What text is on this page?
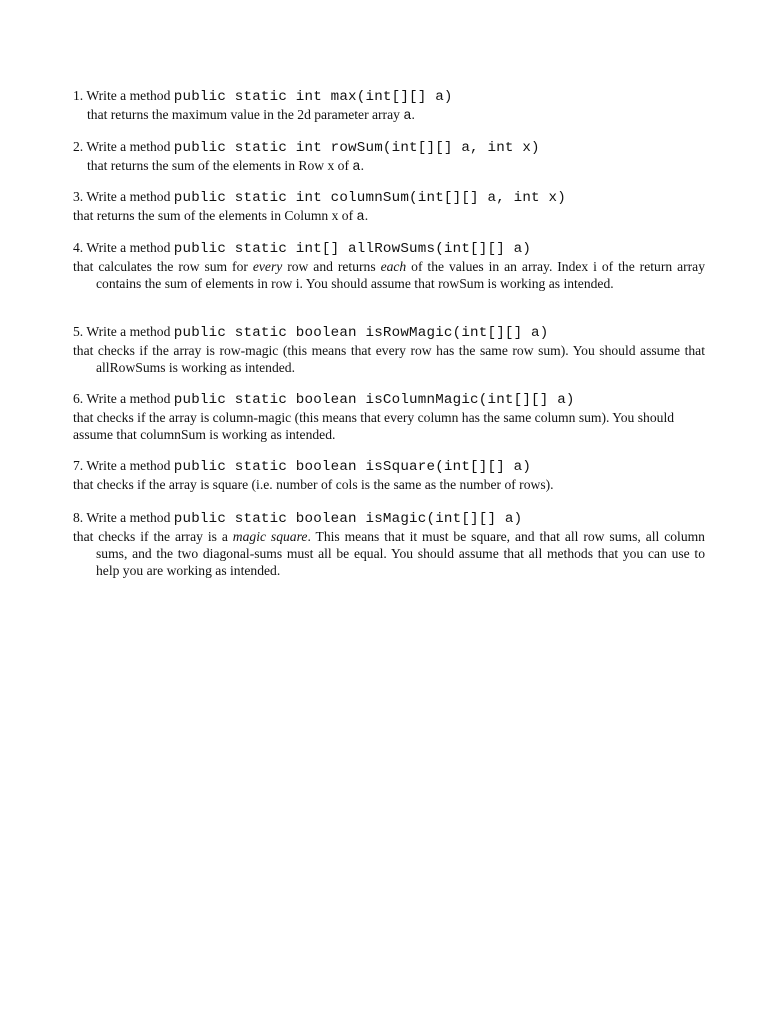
1. Write a method public static int max(int[][] a)
that returns the maximum value in the 2d parameter array a.
2. Write a method public static int rowSum(int[][] a, int x)
that returns the sum of the elements in Row x of a.
3. Write a method public static int columnSum(int[][] a, int x)
that returns the sum of the elements in Column x of a.
4. Write a method public static int[] allRowSums(int[][] a)
that calculates the row sum for every row and returns each of the values in an array. Index i of the return array contains the sum of elements in row i. You should assume that rowSum is working as intended.
5. Write a method public static boolean isRowMagic(int[][] a)
that checks if the array is row-magic (this means that every row has the same row sum). You should assume that allRowSums is working as intended.
6. Write a method public static boolean isColumnMagic(int[][] a)
that checks if the array is column-magic (this means that every column has the same column sum). You should assume that columnSum is working as intended.
7. Write a method public static boolean isSquare(int[][] a)
that checks if the array is square (i.e. number of cols is the same as the number of rows).
8. Write a method public static boolean isMagic(int[][] a)
that checks if the array is a magic square. This means that it must be square, and that all row sums, all column sums, and the two diagonal-sums must all be equal. You should assume that all methods that you can use to help you are working as intended.
